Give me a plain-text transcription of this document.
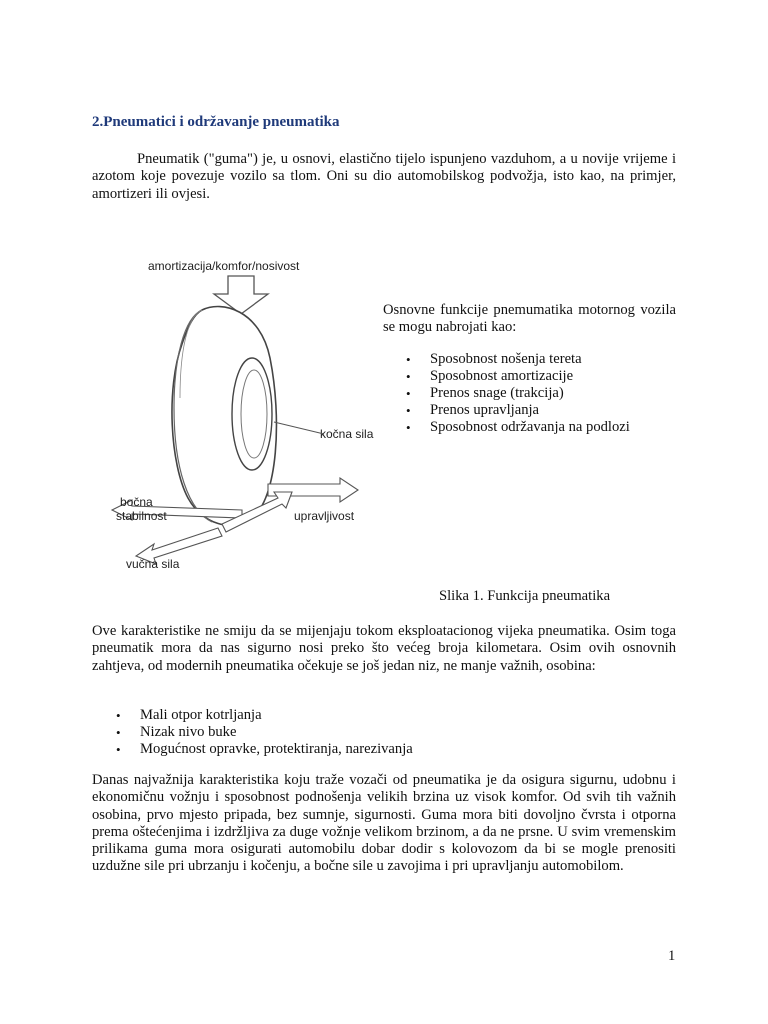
2.Pneumatici i održavanje pneumatika
Pneumatik ("guma") je, u osnovi, elastično tijelo ispunjeno vazduhom, a u novije vrijeme i azotom koje povezuje vozilo sa tlom. Oni su dio automobilskog podvožja, isto kao, na primjer, amortizeri ili ovjesi.
amortizacija/komfor/nosivost
kočna sila
bočna
stabilnost	upravljivost
vučna sila
Osnovne funkcije pnemumatika motornog vozila se mogu nabrojati kao:
• Sposobnost nošenja tereta
• Sposobnost amortizacije
• Prenos snage (trakcija)
• Prenos upravljanja
• Sposobnost održavanja na podlozi
Slika 1. Funkcija pneumatika
Ove karakteristike ne smiju da se mijenjaju tokom eksploatacionog vijeka pneumatika. Osim toga pneumatik mora da nas sigurno nosi preko što većeg broja kilometara. Osim ovih osnovnih zahtjeva, od modernih pneumatika očekuje se još jedan niz, ne manje važnih, osobina:
• Mali otpor kotrljanja
• Nizak nivo buke
• Mogućnost opravke, protektiranja, narezivanja
Danas najvažnija karakteristika koju traže vozači od pneumatika je da osigura sigurnu, udobnu i ekonomičnu vožnju i sposobnost podnošenja velikih brzina uz visok komfor. Od svih tih važnih osobina, prvo mjesto pripada, bez sumnje, sigurnosti. Guma mora biti dovoljno čvrsta i otporna prema oštećenjima i izdržljiva za duge vožnje velikom brzinom, a da ne prsne. U svim vremenskim prilikama guma mora osigurati automobilu dobar dodir s kolovozom da bi se mogle prenositi uzdužne sile pri ubrzanju i kočenju, a bočne sile u zavojima i pri upravljanju automobilom.
1
